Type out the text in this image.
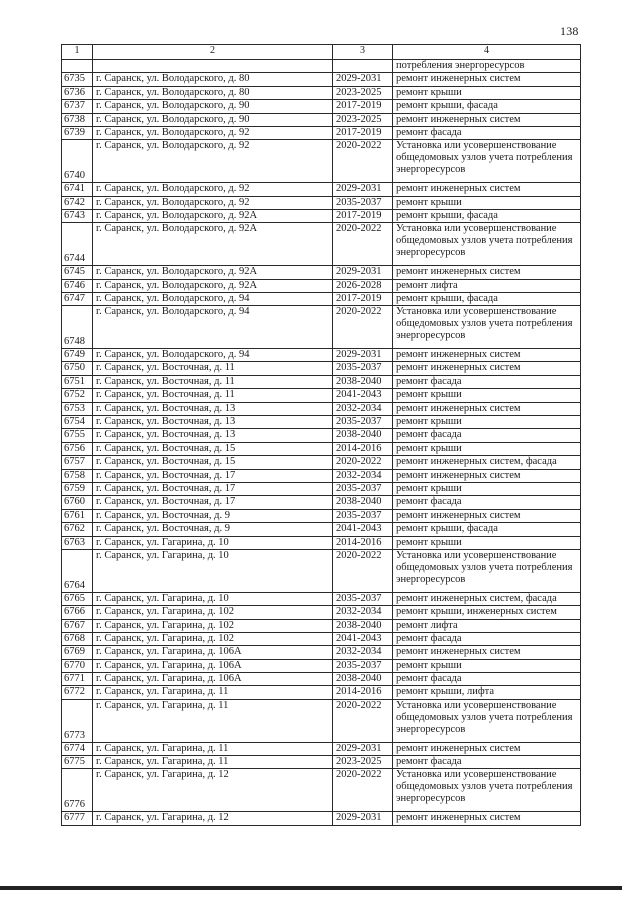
138
1	2	3	4
			потребления энергоресурсов
6735	г. Саранск, ул. Володарского, д. 80	2029-2031	ремонт инженерных систем
6736	г. Саранск, ул. Володарского, д. 80	2023-2025	ремонт крыши
6737	г. Саранск, ул. Володарского, д. 90	2017-2019	ремонт крыши, фасада
6738	г. Саранск, ул. Володарского, д. 90	2023-2025	ремонт инженерных систем
6739	г. Саранск, ул. Володарского, д. 92	2017-2019	ремонт фасада
6740	г. Саранск, ул. Володарского, д. 92	2020-2022	Установка или усовершенствование общедомовых узлов учета потребления энергоресурсов
6741	г. Саранск, ул. Володарского, д. 92	2029-2031	ремонт инженерных систем
6742	г. Саранск, ул. Володарского, д. 92	2035-2037	ремонт крыши
6743	г. Саранск, ул. Володарского, д. 92А	2017-2019	ремонт крыши, фасада
6744	г. Саранск, ул. Володарского, д. 92А	2020-2022	Установка или усовершенствование общедомовых узлов учета потребления энергоресурсов
6745	г. Саранск, ул. Володарского, д. 92А	2029-2031	ремонт инженерных систем
6746	г. Саранск, ул. Володарского, д. 92А	2026-2028	ремонт лифта
6747	г. Саранск, ул. Володарского, д. 94	2017-2019	ремонт крыши, фасада
6748	г. Саранск, ул. Володарского, д. 94	2020-2022	Установка или усовершенствование общедомовых узлов учета потребления энергоресурсов
6749	г. Саранск, ул. Володарского, д. 94	2029-2031	ремонт инженерных систем
6750	г. Саранск, ул. Восточная, д. 11	2035-2037	ремонт инженерных систем
6751	г. Саранск, ул. Восточная, д. 11	2038-2040	ремонт фасада
6752	г. Саранск, ул. Восточная, д. 11	2041-2043	ремонт крыши
6753	г. Саранск, ул. Восточная, д. 13	2032-2034	ремонт инженерных систем
6754	г. Саранск, ул. Восточная, д. 13	2035-2037	ремонт крыши
6755	г. Саранск, ул. Восточная, д. 13	2038-2040	ремонт фасада
6756	г. Саранск, ул. Восточная, д. 15	2014-2016	ремонт крыши
6757	г. Саранск, ул. Восточная, д. 15	2020-2022	ремонт инженерных систем, фасада
6758	г. Саранск, ул. Восточная, д. 17	2032-2034	ремонт инженерных систем
6759	г. Саранск, ул. Восточная, д. 17	2035-2037	ремонт крыши
6760	г. Саранск, ул. Восточная, д. 17	2038-2040	ремонт фасада
6761	г. Саранск, ул. Восточная, д. 9	2035-2037	ремонт инженерных систем
6762	г. Саранск, ул. Восточная, д. 9	2041-2043	ремонт крыши, фасада
6763	г. Саранск, ул. Гагарина, д. 10	2014-2016	ремонт крыши
6764	г. Саранск, ул. Гагарина, д. 10	2020-2022	Установка или усовершенствование общедомовых узлов учета потребления энергоресурсов
6765	г. Саранск, ул. Гагарина, д. 10	2035-2037	ремонт инженерных систем, фасада
6766	г. Саранск, ул. Гагарина, д. 102	2032-2034	ремонт крыши, инженерных систем
6767	г. Саранск, ул. Гагарина, д. 102	2038-2040	ремонт лифта
6768	г. Саранск, ул. Гагарина, д. 102	2041-2043	ремонт фасада
6769	г. Саранск, ул. Гагарина, д. 106А	2032-2034	ремонт инженерных систем
6770	г. Саранск, ул. Гагарина, д. 106А	2035-2037	ремонт крыши
6771	г. Саранск, ул. Гагарина, д. 106А	2038-2040	ремонт фасада
6772	г. Саранск, ул. Гагарина, д. 11	2014-2016	ремонт крыши, лифта
6773	г. Саранск, ул. Гагарина, д. 11	2020-2022	Установка или усовершенствование общедомовых узлов учета потребления энергоресурсов
6774	г. Саранск, ул. Гагарина, д. 11	2029-2031	ремонт инженерных систем
6775	г. Саранск, ул. Гагарина, д. 11	2023-2025	ремонт фасада
6776	г. Саранск, ул. Гагарина, д. 12	2020-2022	Установка или усовершенствование общедомовых узлов учета потребления энергоресурсов
6777	г. Саранск, ул. Гагарина, д. 12	2029-2031	ремонт инженерных систем
